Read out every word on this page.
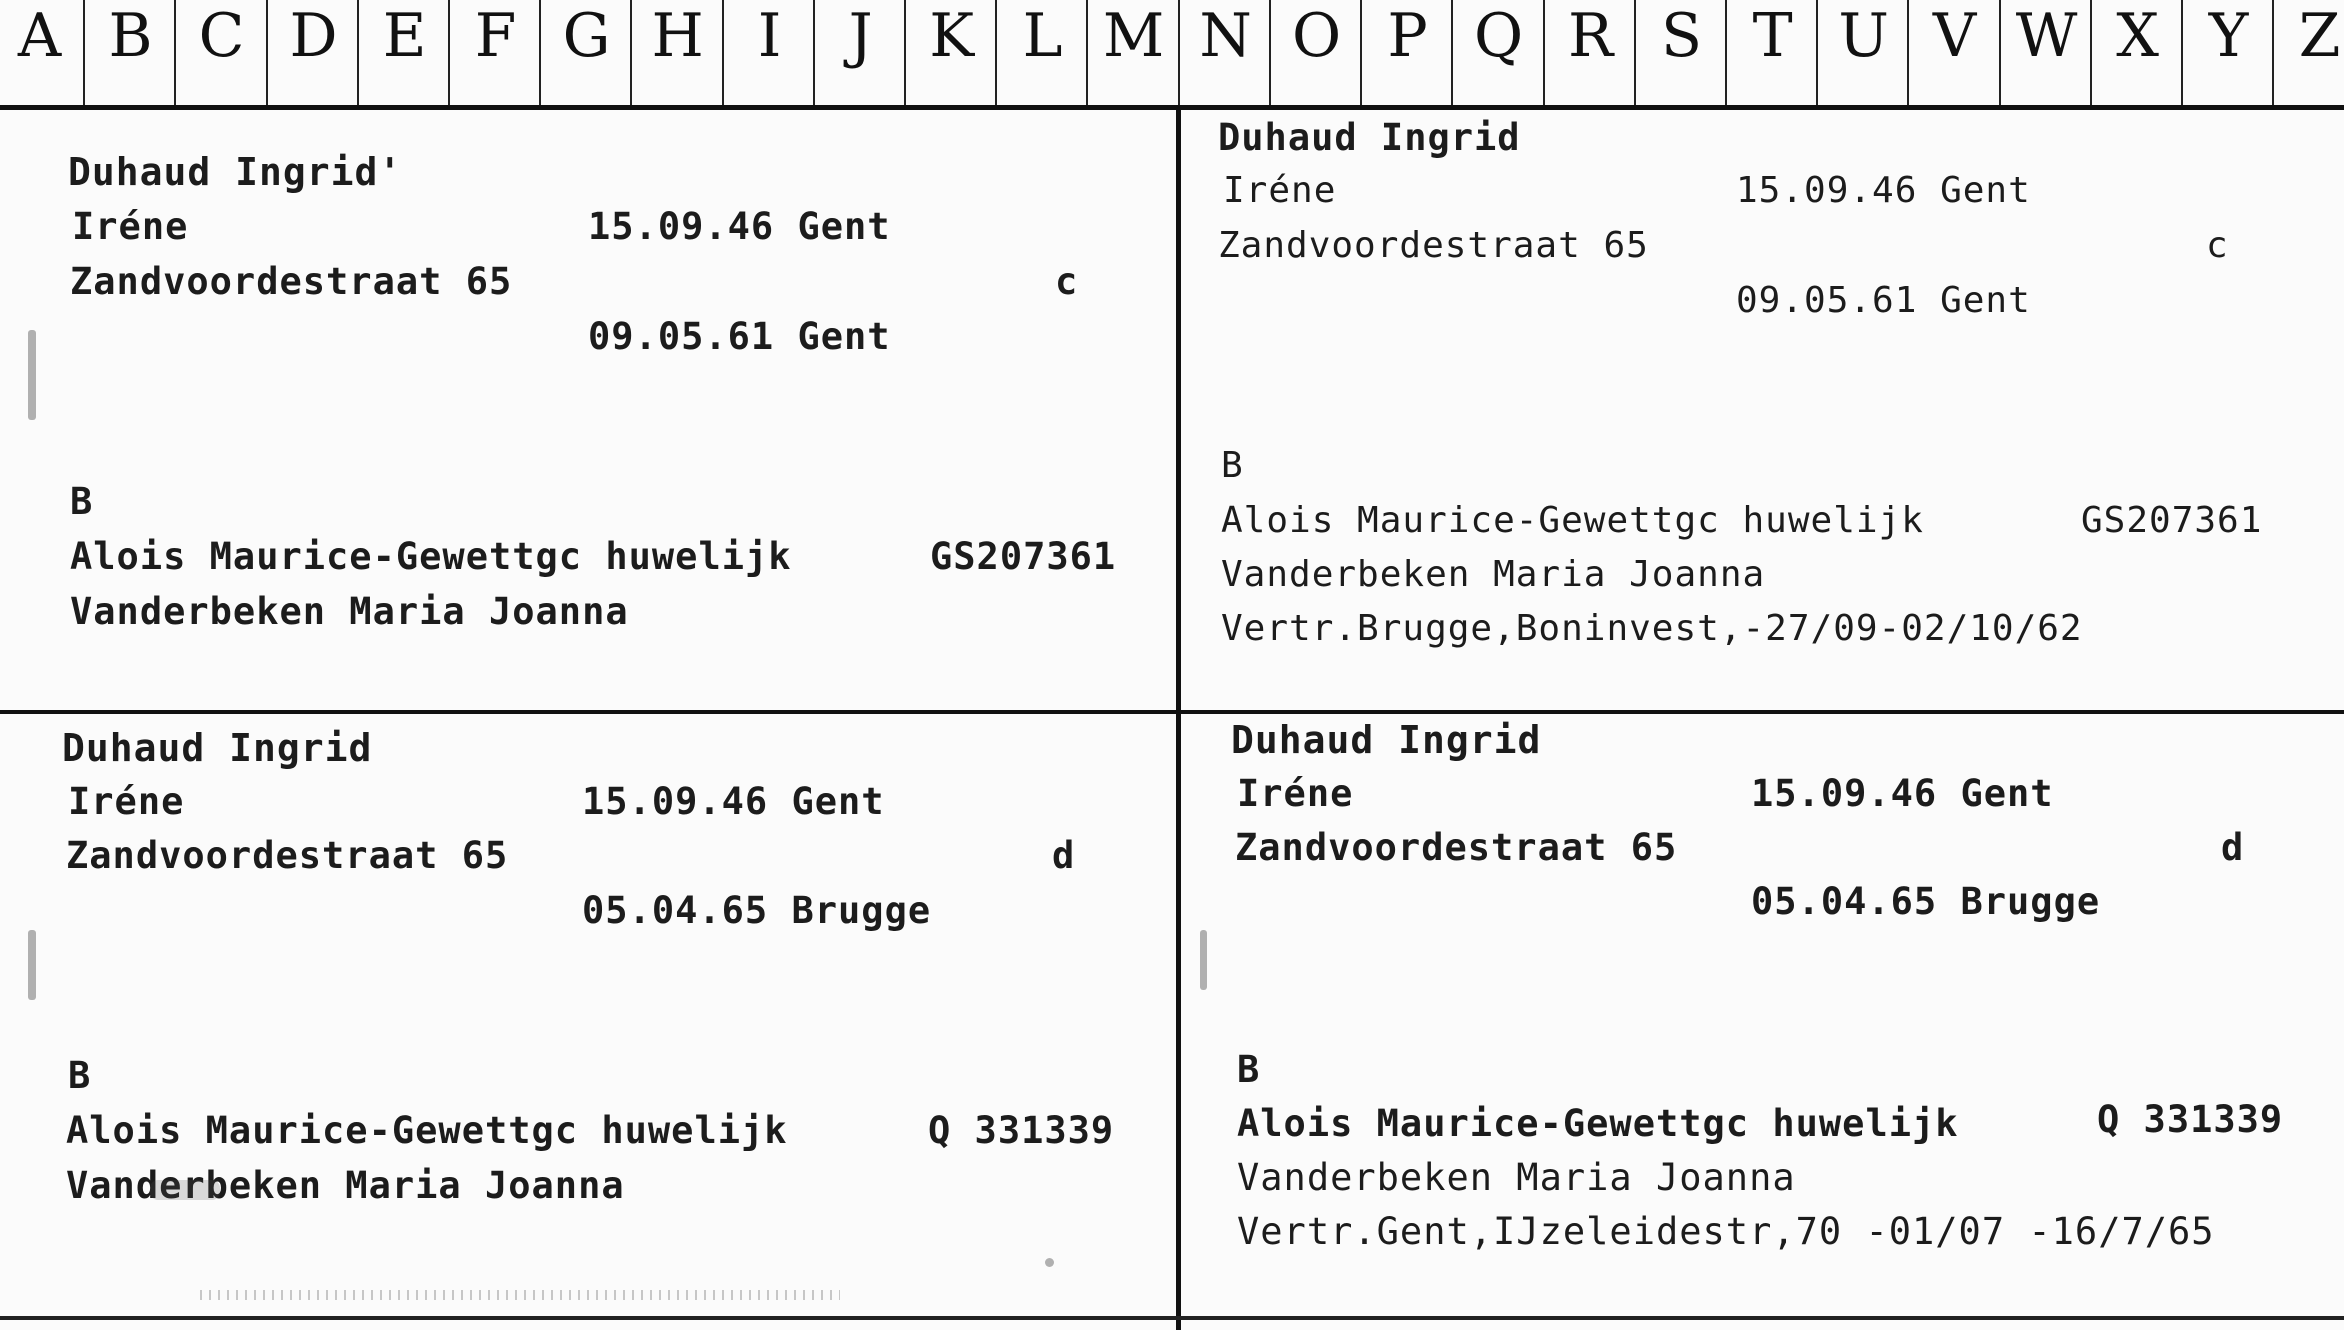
A B C D E F G H I	J K L M N O P Q R S T U V W X Y Z
Duhaud Ingrid'
Iréne	15.09.46 Gent
Zandvoordestraat 65	c
09.05.61 Gent
B
Alois Maurice-Gewettgc huwelijk	GS207361
Vanderbeken Maria Joanna
Duhaud Ingrid
Iréne	15.09.46 Gent
Zandvoordestraat 65	c
09.05.61 Gent
B
Alois Maurice-Gewettgc huwelijk	GS207361
Vanderbeken Maria Joanna
Vertr.Brugge,Boninvest,-27/09-02/10/62
Duhaud Ingrid
Iréne	15.09.46 Gent
Zandvoordestraat 65	d
05.04.65 Brugge
B
Alois Maurice-Gewettgc huwelijk	Q 331339
Vanderbeken Maria Joanna
Duhaud Ingrid
Iréne	15.09.46 Gent
Zandvoordestraat 65	d
05.04.65 Brugge
B
Alois Maurice-Gewettgc huwelijk	Q 331339
Vanderbeken Maria Joanna
Vertr.Gent,IJzeleidestr,70 -01/07 -16/7/65
